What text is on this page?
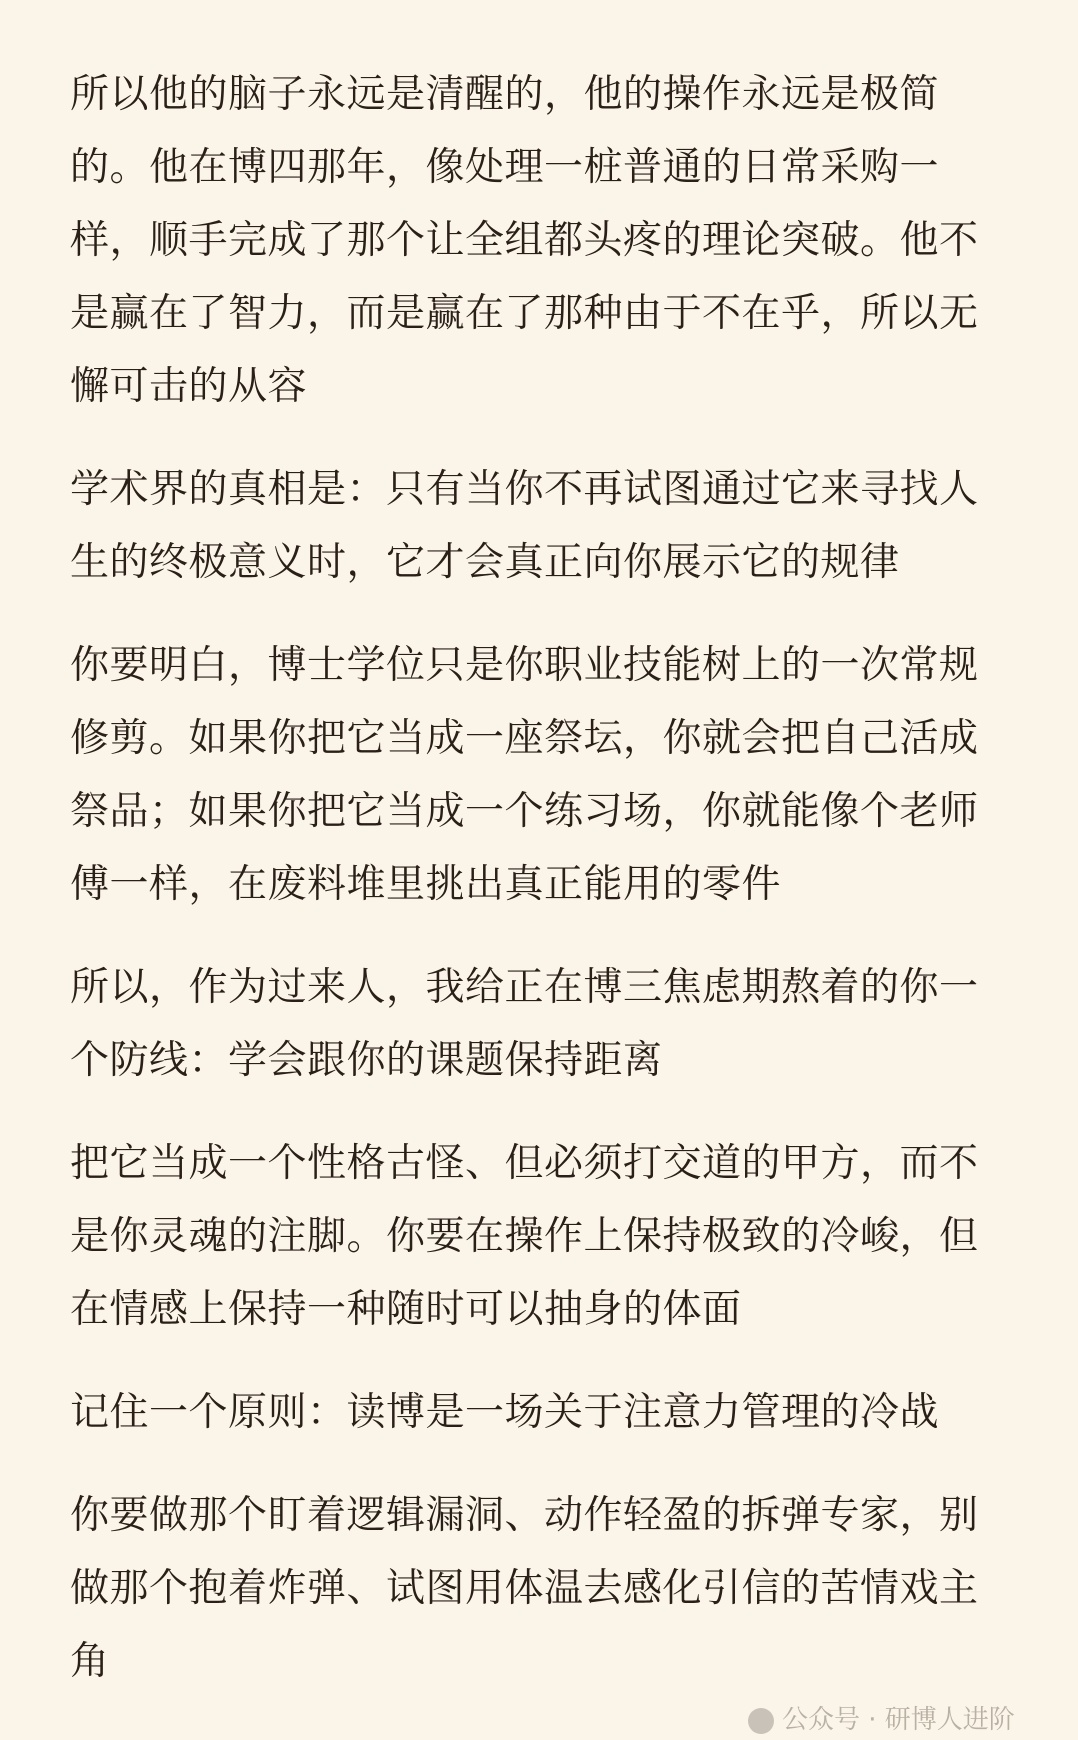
所以他的脑子永远是清醒的，他的操作永远是极简的。他在博四那年，像处理一桩普通的日常采购一样，顺手完成了那个让全组都头疼的理论突破。他不是赢在了智力，而是赢在了那种由于不在乎，所以无懈可击的从容

学术界的真相是：只有当你不再试图通过它来寻找人生的终极意义时，它才会真正向你展示它的规律

你要明白，博士学位只是你职业技能树上的一次常规修剪。如果你把它当成一座祭坛，你就会把自己活成祭品；如果你把它当成一个练习场，你就能像个老师傅一样，在废料堆里挑出真正能用的零件

所以，作为过来人，我给正在博三焦虑期熬着的你一个防线：学会跟你的课题保持距离

把它当成一个性格古怪、但必须打交道的甲方，而不是你灵魂的注脚。你要在操作上保持极致的冷峻，但在情感上保持一种随时可以抽身的体面

记住一个原则：读博是一场关于注意力管理的冷战

你要做那个盯着逻辑漏洞、动作轻盈的拆弹专家，别做那个抱着炸弹、试图用体温去感化引信的苦情戏主角

公众号 · 研博人进阶
